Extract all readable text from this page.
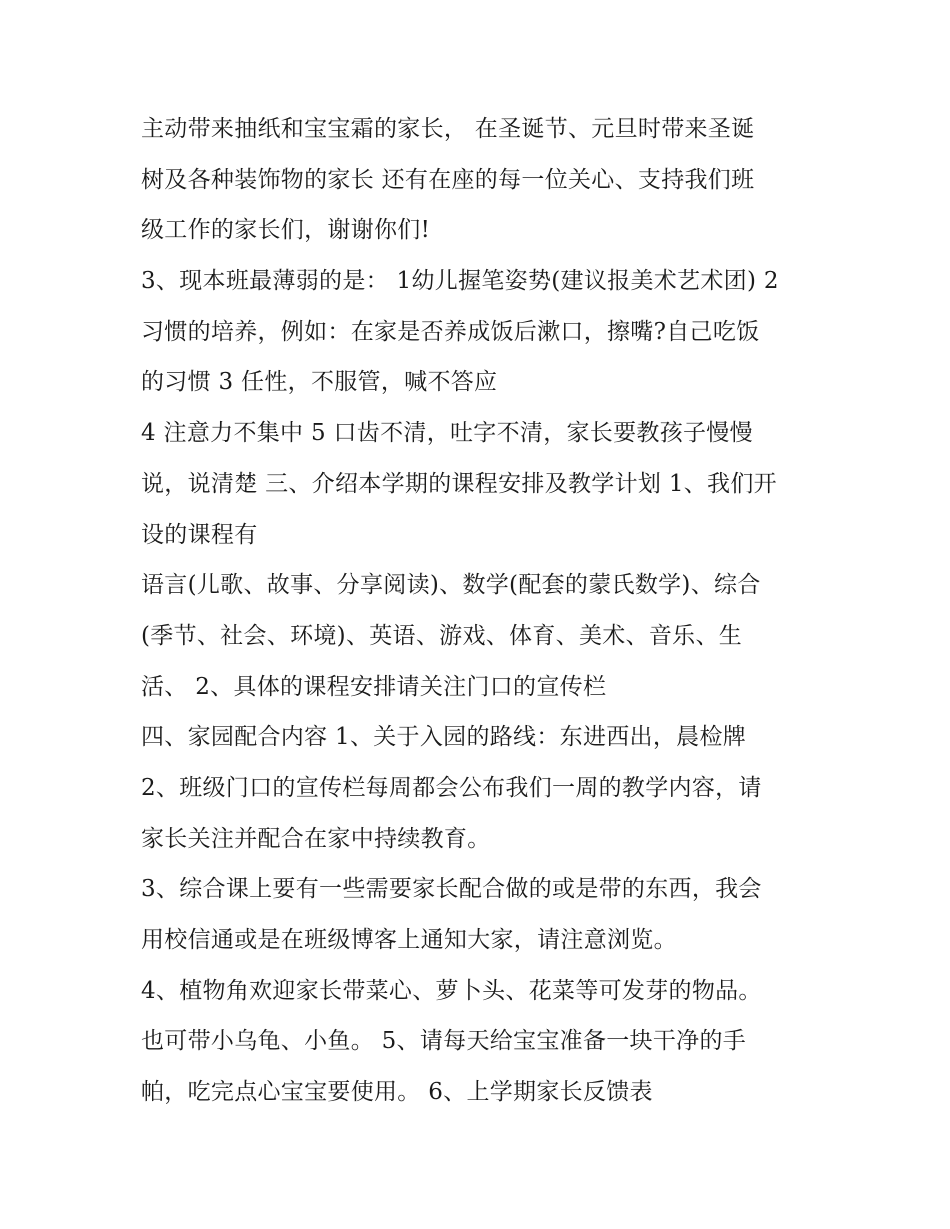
主动带来抽纸和宝宝霜的家长， 在圣诞节、元旦时带来圣诞
树及各种装饰物的家长 还有在座的每一位关心、支持我们班
级工作的家长们，谢谢你们!
3、现本班最薄弱的是： 1幼儿握笔姿势(建议报美术艺术团) 2
习惯的培养，例如：在家是否养成饭后漱口，擦嘴?自己吃饭
的习惯 3 任性，不服管，喊不答应
4 注意力不集中 5 口齿不清，吐字不清，家长要教孩子慢慢
说，说清楚 三、介绍本学期的课程安排及教学计划 1、我们开
设的课程有
语言(儿歌、故事、分享阅读)、数学(配套的蒙氏数学)、综合
(季节、社会、环境)、英语、游戏、体育、美术、音乐、生
活、 2、具体的课程安排请关注门口的宣传栏
四、家园配合内容 1、关于入园的路线：东进西出，晨检牌
2、班级门口的宣传栏每周都会公布我们一周的教学内容，请
家长关注并配合在家中持续教育。
3、综合课上要有一些需要家长配合做的或是带的东西，我会
用校信通或是在班级博客上通知大家，请注意浏览。
4、植物角欢迎家长带菜心、萝卜头、花菜等可发芽的物品。
也可带小乌龟、小鱼。 5、请每天给宝宝准备一块干净的手
帕，吃完点心宝宝要使用。 6、上学期家长反馈表
